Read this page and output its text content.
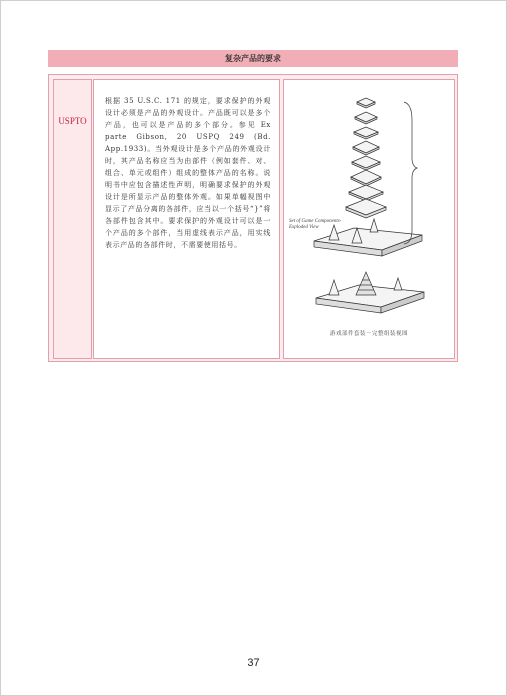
复杂产品的要求
USPTO

根据 35 U.S.C. 171 的规定，要求保护的外观设计必须是产品的外观设计。产品既可以是多个产品，也可以是产品的多个部分。参见 Ex parte Gibson, 20 USPQ 249 (Bd. App.1933)。当外观设计是多个产品的外观设计时，其产品名称应当为由部件（例如套件、对、组合、单元或组件）组成的整体产品的名称。说明书中应包含描述性声明，明确要求保护的外观设计是所显示产品的整体外观。如果单幅视图中显示了产品分离的各部件，应当以一个括号“}”将各部件包含其中。要求保护的外观设计可以是一个产品的多个部件，当用虚线表示产品，用实线表示产品的各部件时，不需要使用括号。

Set of Game Components-Exploded View
游戏部件套装－完整组装视图
37
